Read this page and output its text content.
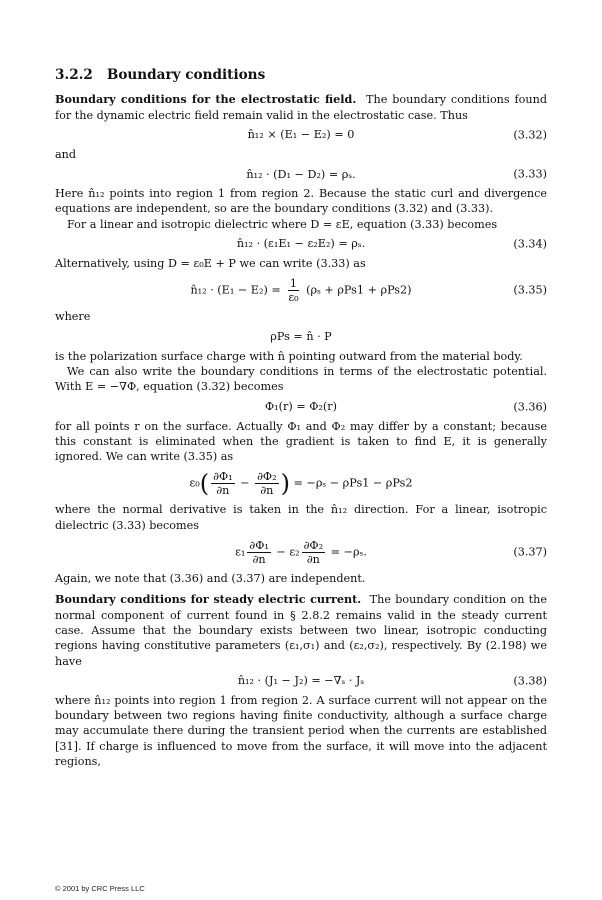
3.2.2 Boundary conditions

Boundary conditions for the electrostatic field. The boundary conditions found for the dynamic electric field remain valid in the electrostatic case. Thus

n̂₁₂ × (E₁ − E₂) = 0	(3.32)

and

n̂₁₂ · (D₁ − D₂) = ρₛ.	(3.33)

Here n̂₁₂ points into region 1 from region 2. Because the static curl and divergence equations are independent, so are the boundary conditions (3.32) and (3.33).

For a linear and isotropic dielectric where D = εE, equation (3.33) becomes

n̂₁₂ · (ε₁E₁ − ε₂E₂) = ρₛ.	(3.34)

Alternatively, using D = ε₀E + P we can write (3.33) as

n̂₁₂ · $(E_1 - E_2) = \frac{1}{\text{ε₀}} (\rho_s + \rho Ps1 + \rho Ps2)$	(3.35)

where

ρPs = n̂ · P

is the polarization surface charge with n̂ pointing outward from the material body.

We can also write the boundary conditions in terms of the electrostatic potential. With E = −∇Φ, equation (3.32) becomes

Φ₁(r) = Φ₂(r)	(3.36)

for all points r on the surface. Actually Φ₁ and Φ₂ may differ by a constant; because this constant is eliminated when the gradient is taken to find E, it is generally ignored. We can write (3.35) as

$\varepsilon_0( \frac{\text{∂Φ₁}}{\partial n} - \frac{\text{∂Φ₂}}{\partial n}$ ) = −ρₛ − ρPs1 − ρPs2

where the normal derivative is taken in the n̂₁₂ direction. For a linear, isotropic dielectric (3.33) becomes

$\varepsilon_1 \frac{\text{∂Φ₁}}{\partial n} - \varepsilon_2 \frac{\text{∂Φ₂}}{\partial n} = -\rho_s$.	(3.37)

Again, we note that (3.36) and (3.37) are independent.

Boundary conditions for steady electric current. The boundary condition on the normal component of current found in § 2.8.2 remains valid in the steady current case. Assume that the boundary exists between two linear, isotropic conducting regions having constitutive parameters (ε₁,σ₁) and (ε₂,σ₂), respectively. By (2.198) we have

n̂₁₂ · (J₁ − J₂) = −∇ₛ · Jₛ	(3.38)

where n̂₁₂ points into region 1 from region 2. A surface current will not appear on the boundary between two regions having finite conductivity, although a surface charge may accumulate there during the transient period when the currents are established [31]. If charge is influenced to move from the surface, it will move into the adjacent regions,

© 2001 by CRC Press LLC
